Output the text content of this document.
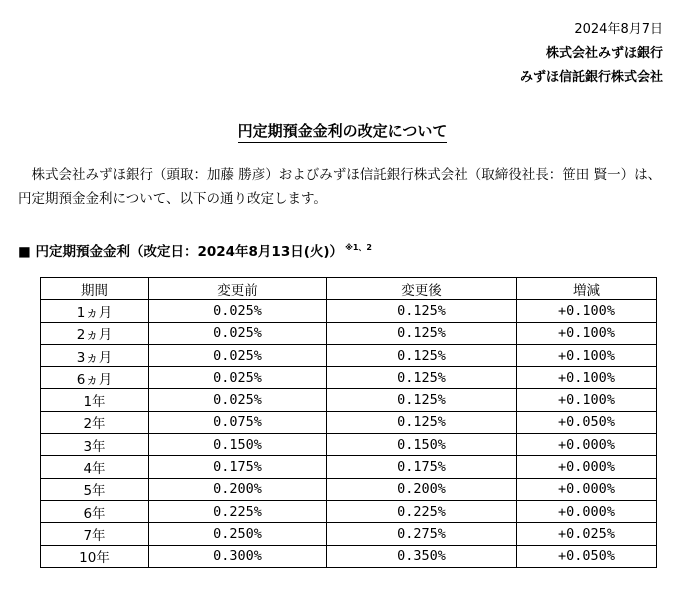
2024年8月7日
株式会社みずほ銀行
みずほ信託銀行株式会社
円定期預金金利の改定について
株式会社みずほ銀行（頭取：加藤 勝彦）およびみずほ信託銀行株式会社（取締役社長：笹田 賢一）は、円定期預金金利について、以下の通り改定します。
■ 円定期預金金利（改定日：2024年8月13日(火)） $^{※1、2}$
期間	変更前	変更後	増減
1ヵ月	0.025%	0.125%	+0.100%
2ヵ月	0.025%	0.125%	+0.100%
3ヵ月	0.025%	0.125%	+0.100%
6ヵ月	0.025%	0.125%	+0.100%
1年	0.025%	0.125%	+0.100%
2年	0.075%	0.125%	+0.050%
3年	0.150%	0.150%	+0.000%
4年	0.175%	0.175%	+0.000%
5年	0.200%	0.200%	+0.000%
6年	0.225%	0.225%	+0.000%
7年	0.250%	0.275%	+0.025%
10年	0.300%	0.350%	+0.050%
